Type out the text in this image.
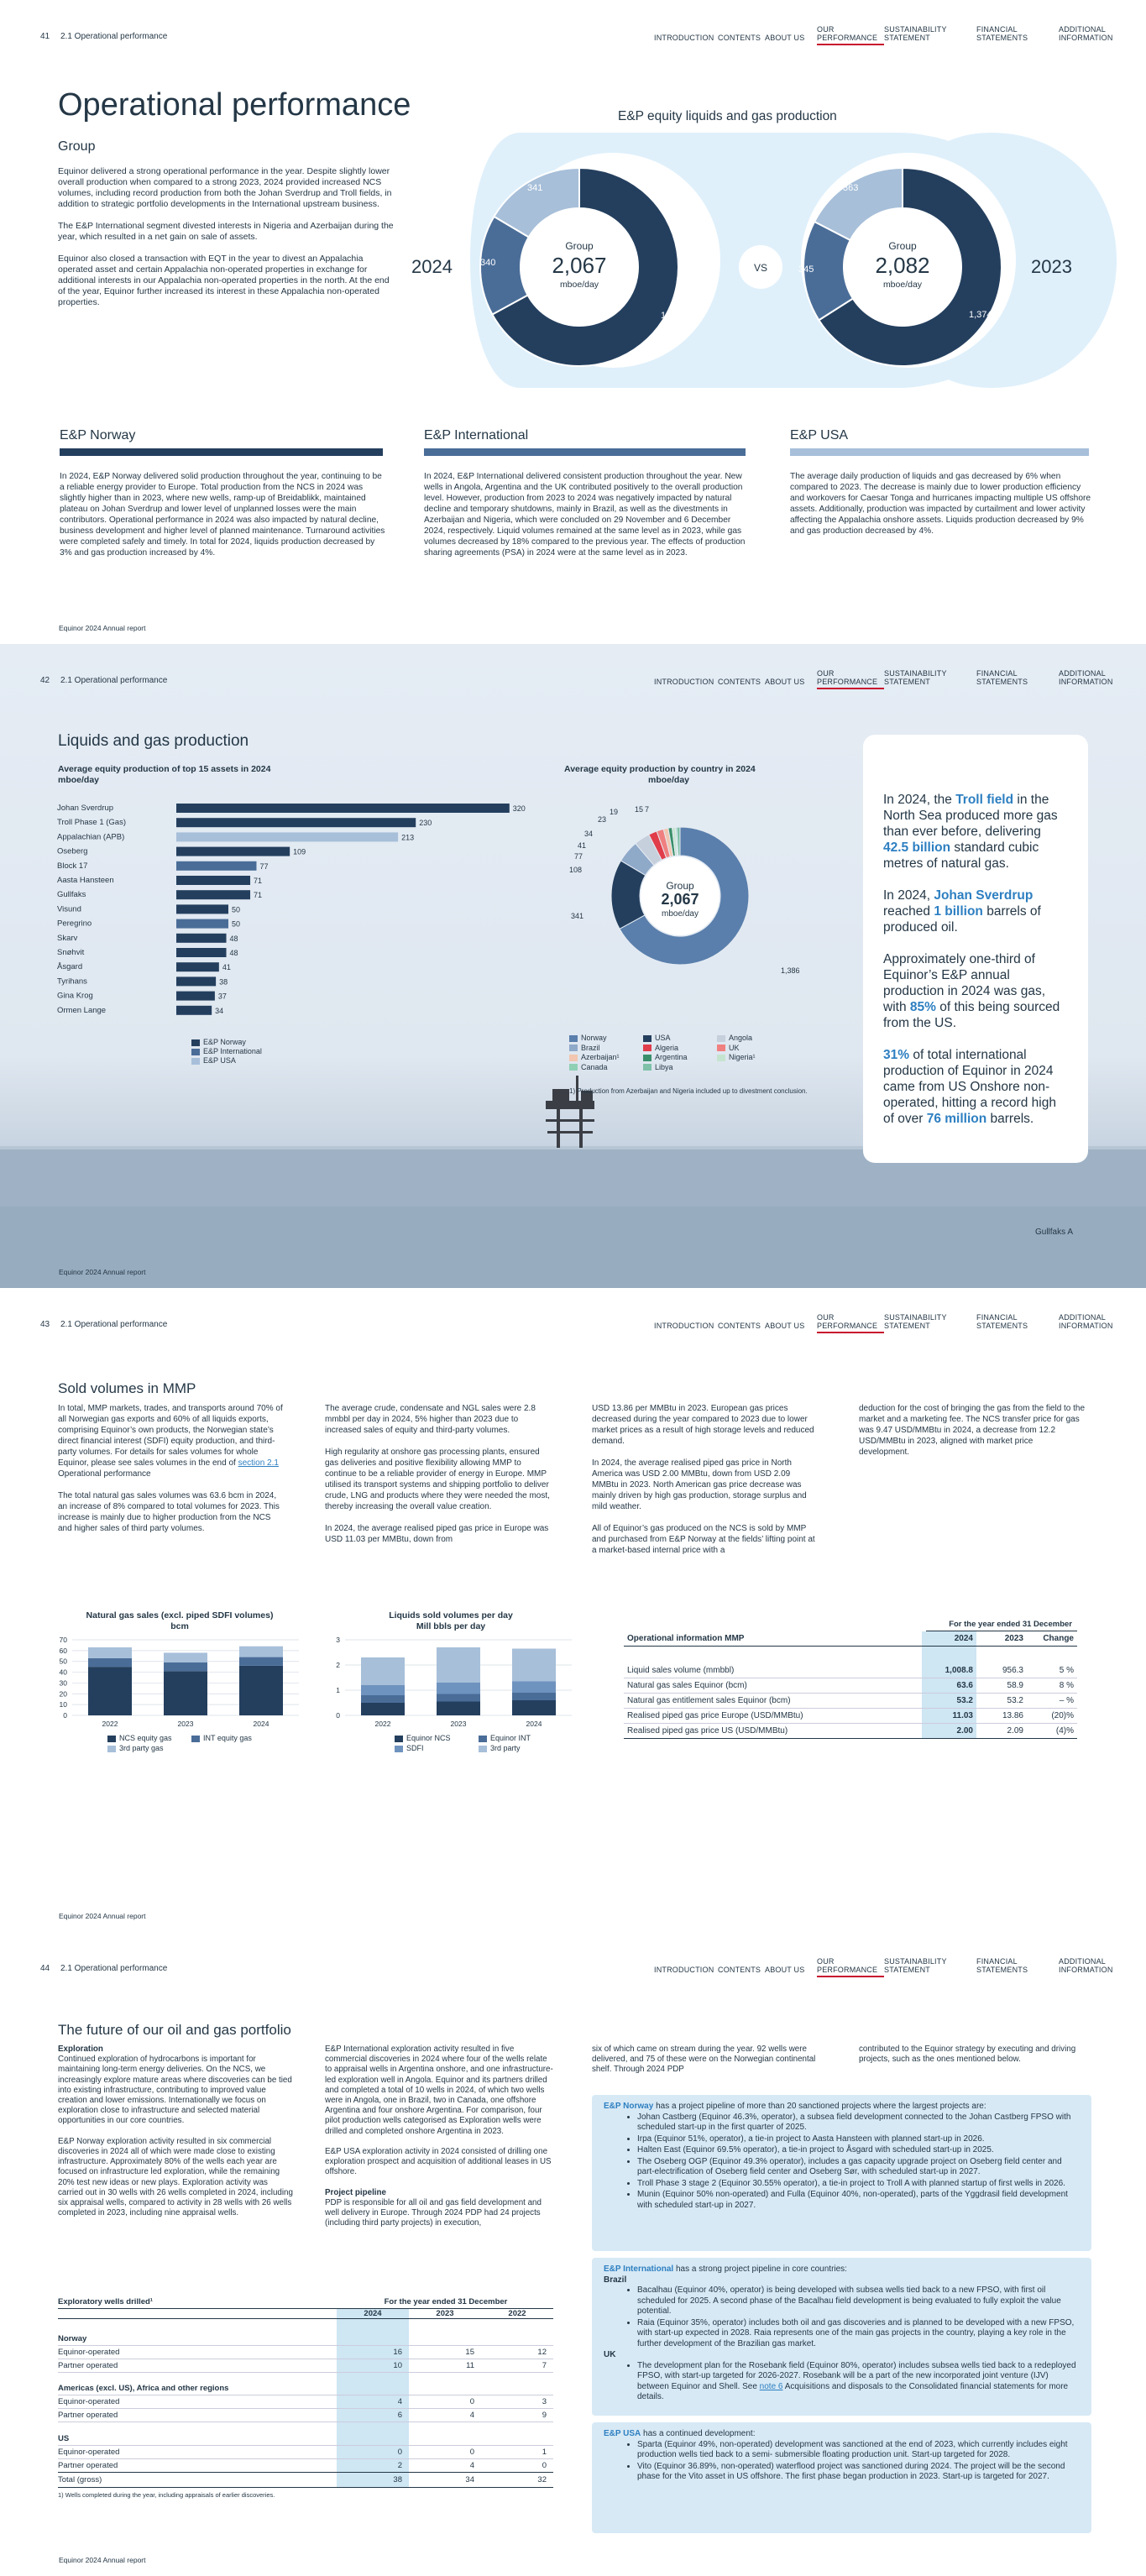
41 2.1 Operational performance	INTRODUCTION CONTENTS ABOUT US
OUR
PERFORMANCE
SUSTAINABILITY
STATEMENT
FINANCIAL
STATEMENTS
ADDITIONAL
INFORMATION
Operational performance
Group

Equinor delivered a strong operational performance in the year. Despite slightly lower overall production when compared to a strong 2023, 2024 provided increased NCS volumes, including record production from both the Johan Sverdrup and Troll fields, in addition to strategic portfolio developments in the International upstream business.

The E&P International segment divested interests in Nigeria and Azerbaijan during the year, which resulted in a net gain on sale of assets.

Equinor also closed a transaction with EQT in the year to divest an Appalachia operated asset and certain Appalachia non-operated properties in exchange for additional interests in our Appalachia non-operated properties in the north. At the end of the year, Equinor further increased its interest in these Appalachia non-operated properties.

E&P equity liquids and gas production
VS
2024	2023
Group
2,067
mboe/day
Group
2,082
mboe/day
1,386
340
341
1,374
345
363
E&P Norway

In 2024, E&P Norway delivered solid production throughout the year, continuing to be a reliable energy provider to Europe. Total production from the NCS in 2024 was slightly higher than in 2023, where new wells, ramp-up of Breidablikk, maintained plateau on Johan Sverdrup and lower level of unplanned losses were the main contributors. Operational performance in 2024 was also impacted by natural decline, business development and higher level of planned maintenance. Turnaround activities were completed safely and timely. In total for 2024, liquids production decreased by 3% and gas production increased by 4%.

E&P International

In 2024, E&P International delivered consistent production throughout the year. New wells in Angola, Argentina and the UK contributed positively to the overall production level. However, production from 2023 to 2024 was negatively impacted by natural decline and temporary shutdowns, mainly in Brazil, as well as the divestments in Azerbaijan and Nigeria, which were concluded on 29 November and 6 December 2024, respectively. Liquid volumes remained at the same level as in 2023, while gas volumes decreased by 18% compared to the previous year. The effects of production sharing agreements (PSA) in 2024 were at the same level as in 2023.

E&P USA

The average daily production of liquids and gas decreased by 6% when compared to 2023. The decrease is mainly due to lower production efficiency and workovers for Caesar Tonga and hurricanes impacting multiple US offshore assets. Additionally, production was impacted by curtailment and lower activity affecting the Appalachia onshore assets. Liquids production decreased by 9% and gas production decreased by 4%.

Equinor 2024 Annual report
42 2.1 Operational performance	INTRODUCTION CONTENTS ABOUT US
OUR
PERFORMANCE
SUSTAINABILITY
STATEMENT
FINANCIAL
STATEMENTS
ADDITIONAL
INFORMATION
Liquids and gas production
Average equity production of top 15 assets in 2024
mboe/day
Johan Sverdrup	320
Troll Phase 1 (Gas)	230
Appalachian (APB)	213
Oseberg	109
Block 17	77
Aasta Hansteen	71
Gullfaks	71
Visund	50
Peregrino	50
Skarv	48
Snøhvit	48
Åsgard	41
Tyrihans	38
Gina Krog	37
Ormen Lange	34
E&P Norway
E&P International
E&P USA
Average equity production by country in 2024
mboe/day
Group
2,067
mboe/day
1,386
341
108
77
41
34
23
19 15 7
Norway	USA	Angola
Brazil	Algeria	UK
Azerbaijan¹	Argentina	Nigeria¹
Canada	Libya
1) Production from Azerbaijan and Nigeria included up to divestment conclusion.

In 2024, the Troll field in the North Sea produced more gas than ever before, delivering 42.5 billion standard cubic metres of natural gas.

In 2024, Johan Sverdrup reached 1 billion barrels of produced oil.

Approximately one-third of Equinor’s E&P annual production in 2024 was gas, with 85% of this being sourced from the US.

31% of total international production of Equinor in 2024 came from US Onshore non-operated, hitting a record high of over 76 million barrels.

Gullfaks A
Equinor 2024 Annual report
43 2.1 Operational performance	INTRODUCTION CONTENTS ABOUT US
OUR
PERFORMANCE
SUSTAINABILITY
STATEMENT
FINANCIAL
STATEMENTS
ADDITIONAL
INFORMATION
Sold volumes in MMP

In total, MMP markets, trades, and transports around 70% of all Norwegian gas exports and 60% of all liquids exports, comprising Equinor’s own products, the Norwegian state’s direct financial interest (SDFI) equity production, and third-party volumes. For details for sales volumes for whole Equinor, please see sales volumes in the end of section 2.1 Operational performance

The total natural gas sales volumes was 63.6 bcm in 2024, an increase of 8% compared to total volumes for 2023. This increase is mainly due to higher production from the NCS and higher sales of third party volumes.

The average crude, condensate and NGL sales were 2.8 mmbbl per day in 2024, 5% higher than 2023 due to increased sales of equity and third-party volumes.

High regularity at onshore gas processing plants, ensured gas deliveries and positive flexibility allowing MMP to continue to be a reliable provider of energy in Europe. MMP utilised its transport systems and shipping portfolio to deliver crude, LNG and products where they were needed the most, thereby increasing the overall value creation.

In 2024, the average realised piped gas price in Europe was USD 11.03 per MMBtu, down from

USD 13.86 per MMBtu in 2023. European gas prices decreased during the year compared to 2023 due to lower market prices as a result of high storage levels and reduced demand.

In 2024, the average realised piped gas price in North America was USD 2.00 MMBtu, down from USD 2.09 MMBtu in 2023. North American gas price decrease was mainly driven by high gas production, storage surplus and mild weather.

All of Equinor’s gas produced on the NCS is sold by MMP and purchased from E&P Norway at the fields’ lifting point at a market-based internal price with a

deduction for the cost of bringing the gas from the field to the market and a marketing fee. The NCS transfer price for gas was 9.47 USD/MMBtu in 2024, a decrease from 12.2 USD/MMBtu in 2023, aligned with market price development.

Natural gas sales (excl. piped SDFI volumes)
bcm
0
10
20
30
40
50
60
70
2022	2023	2024
NCS equity gas	INT equity gas
3rd party gas
Liquids sold volumes per day
Mill bbls per day
0
1
2
3
2022	2023	2024
Equinor NCS	Equinor INT
SDFI	3rd party
For the year ended 31 December
Operational information MMP	2024	2023	Change

Liquid sales volume (mmbbl)	1,008.8	956.3	5 %
Natural gas sales Equinor (bcm)	63.6	58.9	8 %
Natural gas entitlement sales Equinor (bcm)	53.2	53.2	– %
Realised piped gas price Europe (USD/MMBtu)	11.03	13.86	(20)%
Realised piped gas price US (USD/MMBtu)	2.00	2.09	(4)%
Equinor 2024 Annual report
44 2.1 Operational performance	INTRODUCTION CONTENTS ABOUT US
OUR
PERFORMANCE
SUSTAINABILITY
STATEMENT
FINANCIAL
STATEMENTS
ADDITIONAL
INFORMATION
The future of our oil and gas portfolio
Exploration

Continued exploration of hydrocarbons is important for maintaining long-term energy deliveries. On the NCS, we increasingly explore mature areas where discoveries can be tied into existing infrastructure, contributing to improved value creation and lower emissions. Internationally we focus on exploration close to infrastructure and selected material opportunities in our core countries.

E&P Norway exploration activity resulted in six commercial discoveries in 2024 all of which were made close to existing infrastructure. Approximately 80% of the wells each year are focused on infrastructure led exploration, while the remaining 20% test new ideas or new plays. Exploration activity was carried out in 30 wells with 26 wells completed in 2024, including six appraisal wells, compared to activity in 28 wells with 26 wells completed in 2023, including nine appraisal wells.

E&P International exploration activity resulted in five commercial discoveries in 2024 where four of the wells relate to appraisal wells in Argentina onshore, and one infrastructure-led exploration well in Angola. Equinor and its partners drilled and completed a total of 10 wells in 2024, of which two wells were in Angola, one in Brazil, two in Canada, one offshore Argentina and four onshore Argentina. For comparison, four pilot production wells categorised as Exploration wells were drilled and completed onshore Argentina in 2023.

E&P USA exploration activity in 2024 consisted of drilling one exploration prospect and acquisition of additional leases in US offshore.

Project pipeline

PDP is responsible for all oil and gas field development and well delivery in Europe. Through 2024 PDP had 24 projects (including third party projects) in execution,

six of which came on stream during the year. 92 wells were delivered, and 75 of these were on the Norwegian continental shelf. Through 2024 PDP
contributed to the Equinor strategy by executing and driving projects, such as the ones mentioned below.
Exploratory wells drilled¹	For the year ended 31 December
	2024	2023	2022

Norway			
Equinor-operated	16	15	12
Partner operated	10	11	7

Americas (excl. US), Africa and other regions			
Equinor-operated	4	0	3
Partner operated	6	4	9

US			
Equinor-operated	0	0	1
Partner operated	2	4	0
Total (gross)	38	34	32
1) Wells completed during the year, including appraisals of earlier discoveries.

E&P Norway has a project pipeline of more than 20 sanctioned projects where the largest projects are:

• Johan Castberg (Equinor 46.3%, operator), a subsea field development connected to the Johan Castberg FPSO with scheduled start-up in the first quarter of 2025.
• Irpa (Equinor 51%, operator), a tie-in project to Aasta Hansteen with planned start-up in 2026.
• Halten East (Equinor 69.5% operator), a tie-in project to Åsgard with scheduled start-up in 2025.
• The Oseberg OGP (Equinor 49.3% operator), includes a gas capacity upgrade project on Oseberg field center and part-electrification of Oseberg field center and Oseberg Sør, with scheduled start-up in 2027.
• Troll Phase 3 stage 2 (Equinor 30.55% operator), a tie-in project to Troll A with planned startup of first wells in 2026.
• Munin (Equinor 50% non-operated) and Fulla (Equinor 40%, non-operated), parts of the Yggdrasil field development with scheduled start-up in 2027.

E&P International has a strong project pipeline in core countries:

Brazil
• Bacalhau (Equinor 40%, operator) is being developed with subsea wells tied back to a new FPSO, with first oil scheduled for 2025. A second phase of the Bacalhau field development is being evaluated to fully exploit the value potential.
• Raia (Equinor 35%, operator) includes both oil and gas discoveries and is planned to be developed with a new FPSO, with start-up expected in 2028. Raia represents one of the main gas projects in the country, playing a key role in the further development of the Brazilian gas market.
UK
• The development plan for the Rosebank field (Equinor 80%, operator) includes subsea wells tied back to a redeployed FPSO, with start-up targeted for 2026-2027. Rosebank will be a part of the new incorporated joint venture (IJV) between Equinor and Shell. See note 6 Acquisitions and disposals to the Consolidated financial statements for more details.

E&P USA has a continued development:

• Sparta (Equinor 49%, non-operated) development was sanctioned at the end of 2023, which currently includes eight production wells tied back to a semi- submersible floating production unit. Start-up targeted for 2028.
• Vito (Equinor 36.89%, non-operated) waterflood project was sanctioned during 2024. The project will be the second phase for the Vito asset in US offshore. The first phase began production in 2023. Start-up is targeted for 2027.
Equinor 2024 Annual report
